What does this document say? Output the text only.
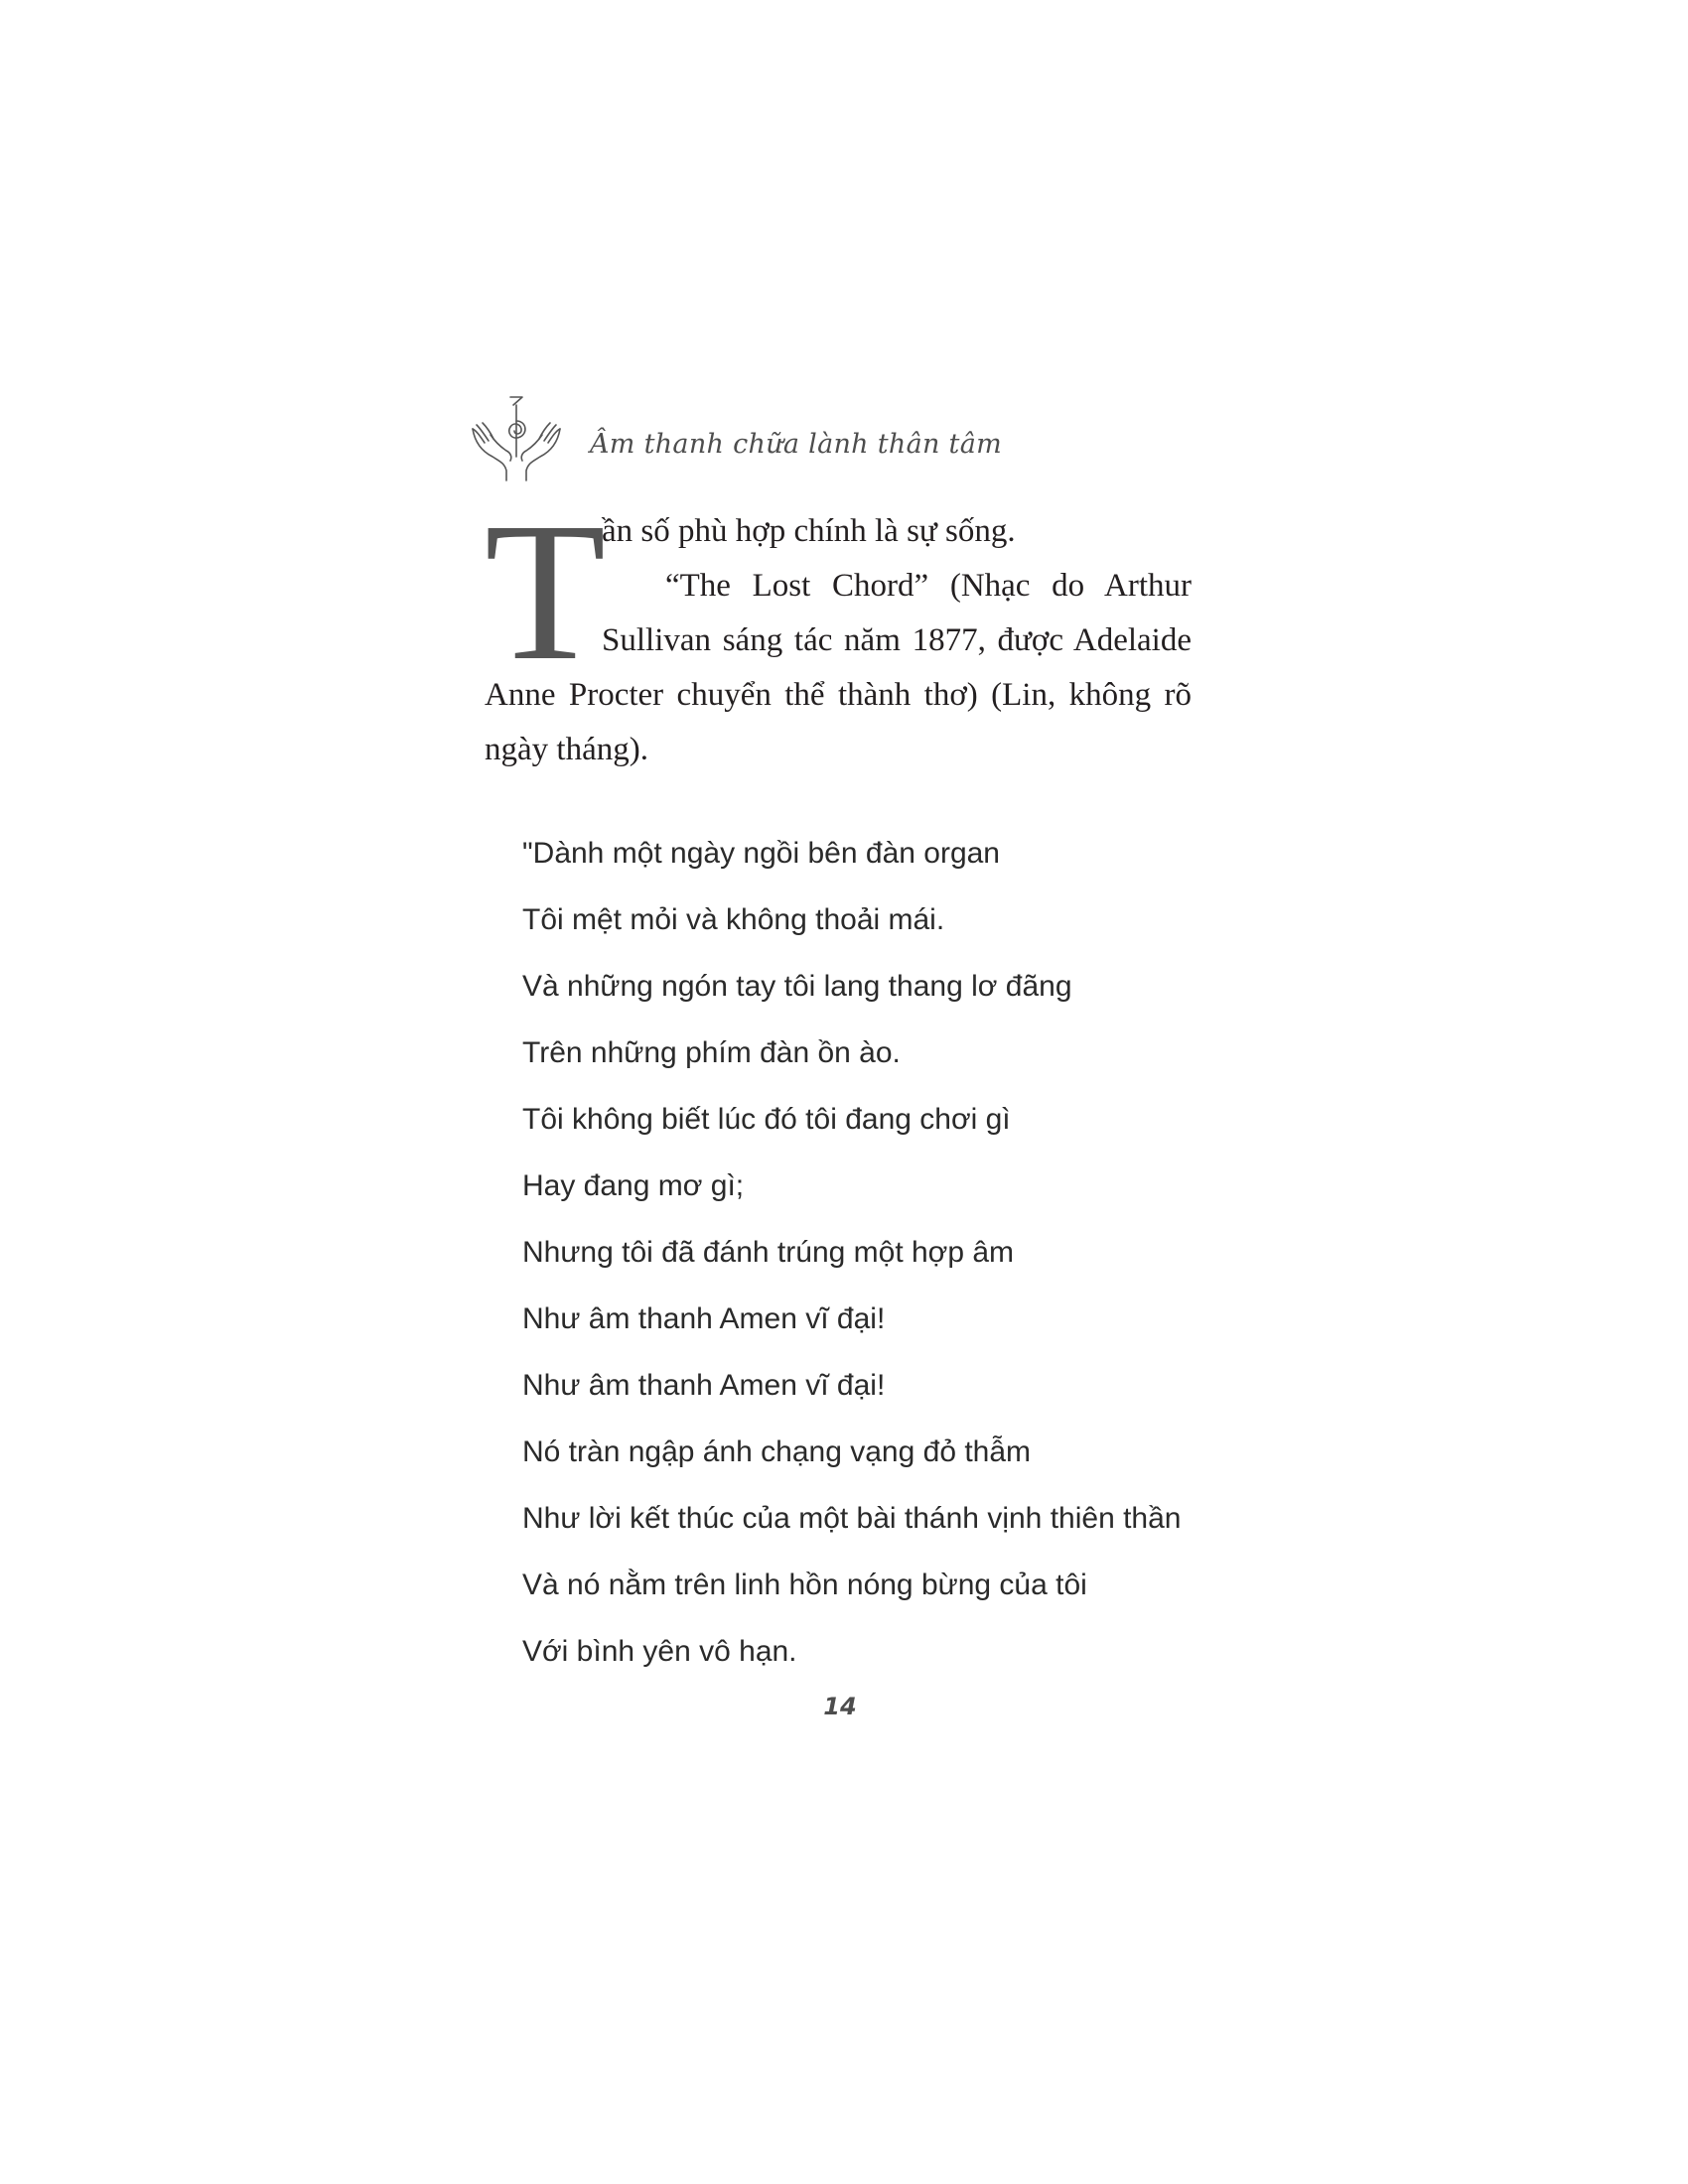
Âm thanh chữa lành thân tâm
T

ần số phù hợp chính là sự sống.

“The Lost Chord” (Nhạc do Arthur Sullivan sáng tác năm 1877, được Adelaide Anne Procter chuyển thể thành thơ) (Lin, không rõ ngày tháng).

"Dành một ngày ngồi bên đàn organ
Tôi mệt mỏi và không thoải mái.
Và những ngón tay tôi lang thang lơ đãng
Trên những phím đàn ồn ào.
Tôi không biết lúc đó tôi đang chơi gì
Hay đang mơ gì;
Nhưng tôi đã đánh trúng một hợp âm
Như âm thanh Amen vĩ đại!
Như âm thanh Amen vĩ đại!
Nó tràn ngập ánh chạng vạng đỏ thẫm
Như lời kết thúc của một bài thánh vịnh thiên thần
Và nó nằm trên linh hồn nóng bừng của tôi
Với bình yên vô hạn.
14
